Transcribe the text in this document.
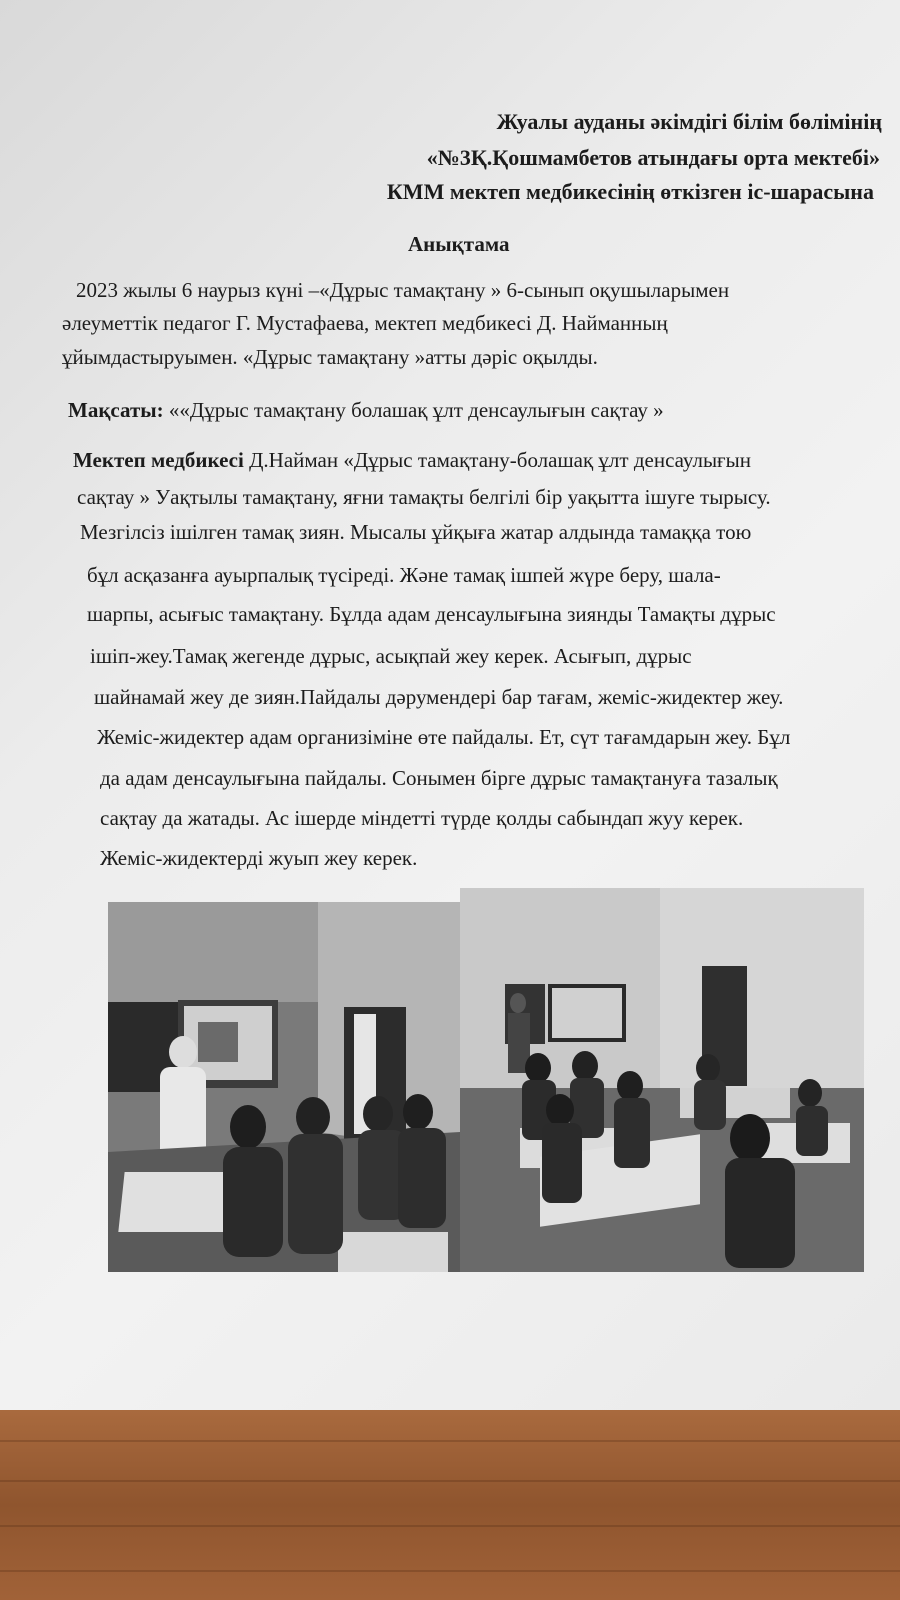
Жуалы ауданы әкімдігі білім бөлімінің
«№3Қ.Қошмамбетов атындағы орта мектебі»
КММ мектеп медбикесінің өткізген іс-шарасына
Анықтама
2023 жылы 6 наурыз күні –«Дұрыс тамақтану » 6-сынып оқушыларымен
әлеуметтік педагог Г. Мустафаева, мектеп медбикесі Д. Найманның
ұйымдастыруымен. «Дұрыс тамақтану »атты дәріс оқылды.
Мақсаты: ««Дұрыс тамақтану болашақ ұлт денсаулығын сақтау »
Мектеп медбикесі Д.Найман «Дұрыс тамақтану-болашақ ұлт денсаулығын
сақтау » Уақтылы тамақтану, яғни тамақты белгілі бір уақытта ішуге тырысу.
Мезгілсіз ішілген тамақ зиян. Мысалы ұйқыға жатар алдында тамаққа тою
бұл асқазанға ауырпалық түсіреді. Және тамақ ішпей жүре беру, шала-
шарпы, асығыс тамақтану. Бұлда адам денсаулығына зиянды Тамақты дұрыс
ішіп-жеу.Тамақ жегенде дұрыс, асықпай жеу керек. Асығып, дұрыс
шайнамай жеу де зиян.Пайдалы дәрумендері бар тағам, жеміс-жидектер жеу.
Жеміс-жидектер адам организіміне өте пайдалы. Ет, сүт тағамдарын жеу. Бұл
да адам денсаулығына пайдалы. Сонымен бірге дұрыс тамақтануға тазалық
сақтау да жатады. Ас ішерде міндетті түрде қолды сабындап жуу керек.
Жеміс-жидектерді жуып жеу керек.
